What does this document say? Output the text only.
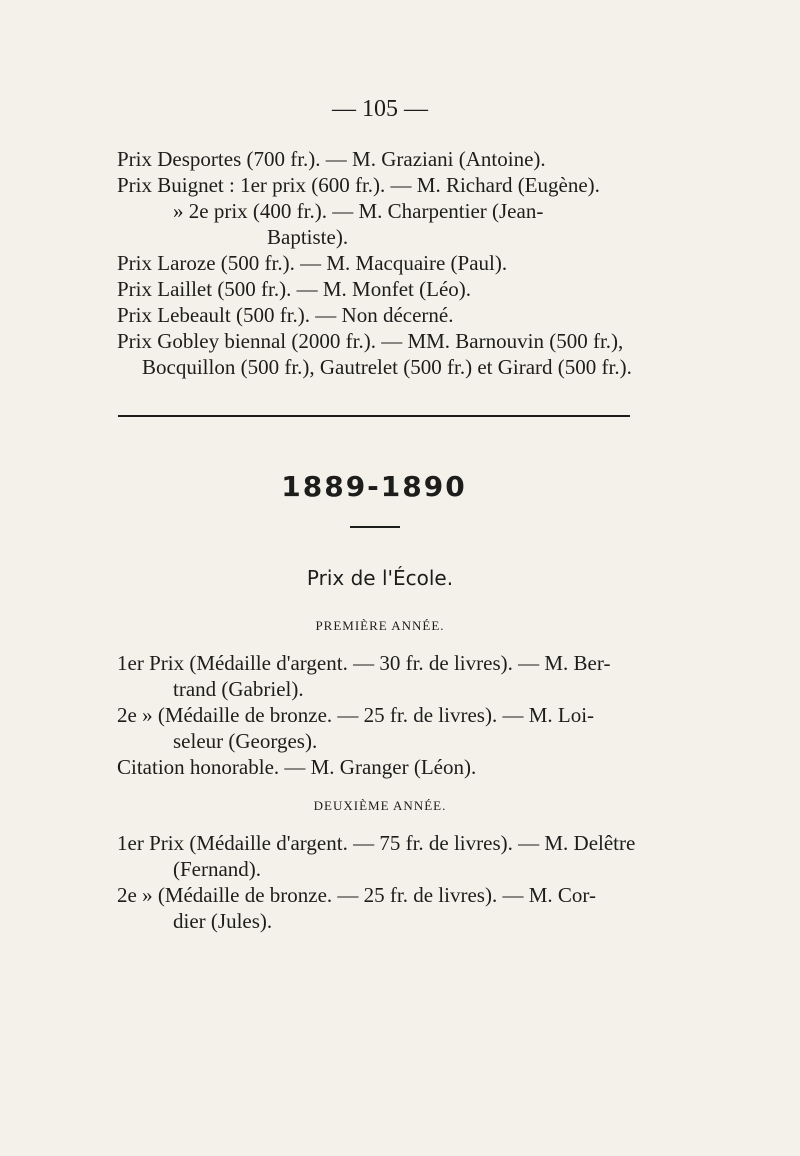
— 105 —
Prix Desportes (700 fr.). — M. Graziani (Antoine).
Prix Buignet : 1er prix (600 fr.). — M. Richard (Eugène).
» 2e prix (400 fr.). — M. Charpentier (Jean-
Baptiste).
Prix Laroze (500 fr.). — M. Macquaire (Paul).
Prix Laillet (500 fr.). — M. Monfet (Léo).
Prix Lebeault (500 fr.). — Non décerné.
Prix Gobley biennal (2000 fr.). — MM. Barnouvin (500 fr.),
Bocquillon (500 fr.), Gautrelet (500 fr.) et Girard (500 fr.).
1889-1890
Prix de l'École.
PREMIÈRE ANNÉE.
1er Prix (Médaille d'argent. — 30 fr. de livres). — M. Ber-
trand (Gabriel).
2e » (Médaille de bronze. — 25 fr. de livres). — M. Loi-
seleur (Georges).
Citation honorable. — M. Granger (Léon).
DEUXIÈME ANNÉE.
1er Prix (Médaille d'argent. — 75 fr. de livres). — M. Delêtre
(Fernand).
2e » (Médaille de bronze. — 25 fr. de livres). — M. Cor-
dier (Jules).
